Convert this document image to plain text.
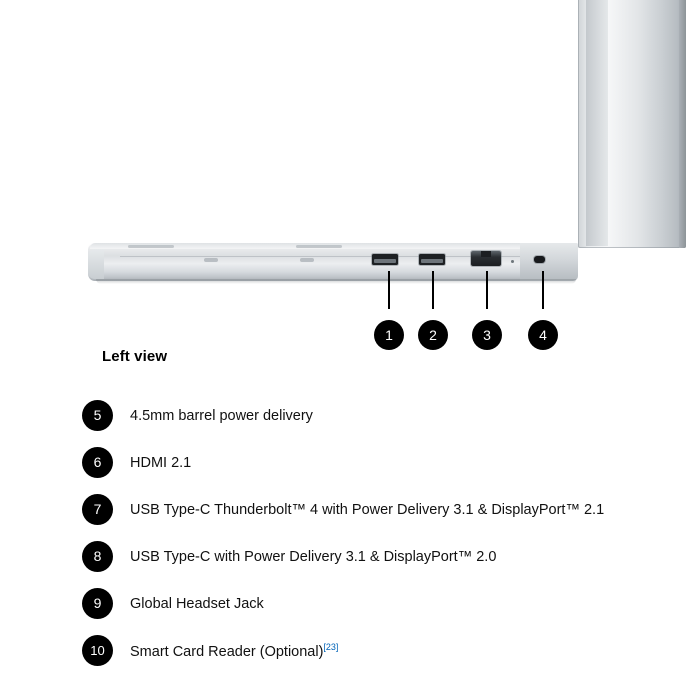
1	2	3	4
Left view
5	4.5mm barrel power delivery
6	HDMI 2.1
7	USB Type-C Thunderbolt™ 4 with Power Delivery 3.1 & DisplayPort™ 2.1
8	USB Type-C with Power Delivery 3.1 & DisplayPort™ 2.0
9	Global Headset Jack
10	Smart Card Reader (Optional)[23]
